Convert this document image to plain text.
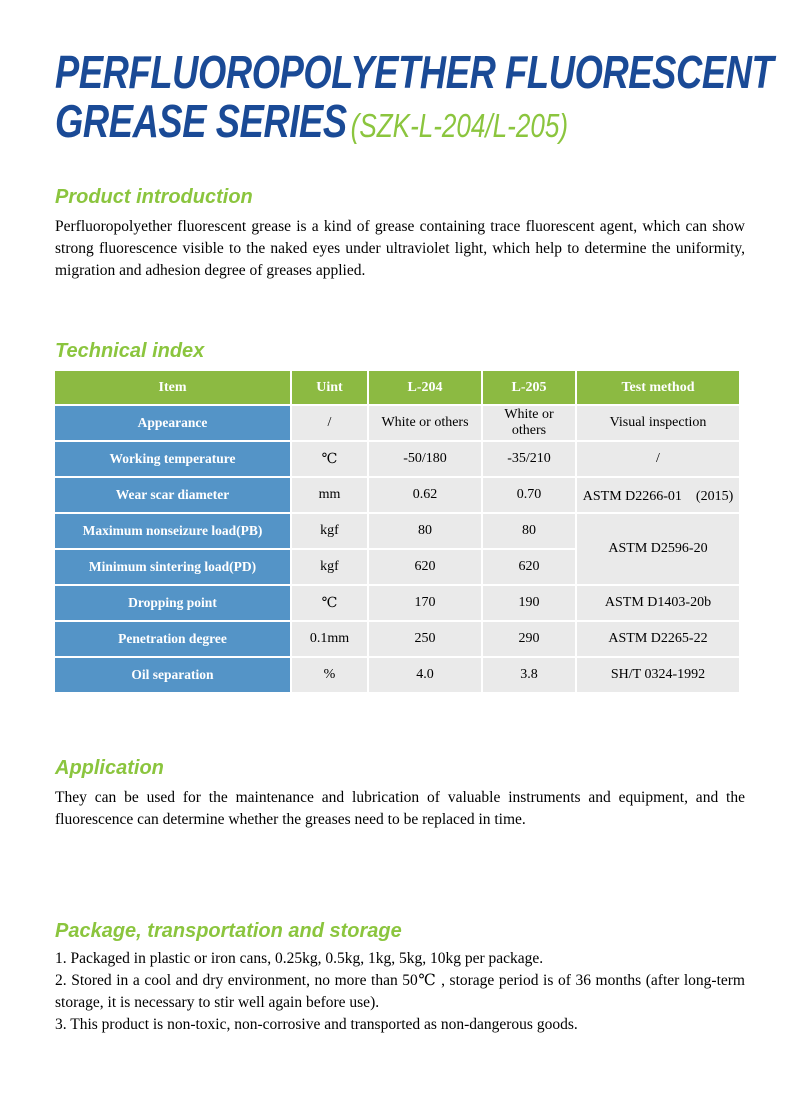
PERFLUOROPOLYETHER FLUORESCENT
GREASE SERIES (SZK-L-204/L-205)
Product introduction

Perfluoropolyether fluorescent grease is a kind of grease containing trace fluorescent agent, which can show strong fluorescence visible to the naked eyes under ultraviolet light, which help to determine the uniformity, migration and adhesion degree of greases applied.

Technical index
Item	Uint	L-204	L-205	Test method
Appearance	/	White or others	White or others	Visual inspection
Working temperature	℃	-50/180	-35/210	/
Wear scar diameter	mm	0.62	0.70	ASTM D2266-01　(2015)
Maximum nonseizure load(PB)	kgf	80	80	ASTM D2596-20
Minimum sintering load(PD)	kgf	620	620	
Dropping point	℃	170	190	ASTM D1403-20b
Penetration degree	0.1mm	250	290	ASTM D2265-22
Oil separation	%	4.0	3.8	SH/T 0324-1992
Application

They can be used for the maintenance and lubrication of valuable instruments and equipment, and the fluorescence can determine whether the greases need to be replaced in time.

Package, transportation and storage

1. Packaged in plastic or iron cans, 0.25kg, 0.5kg, 1kg, 5kg, 10kg per package.

2. Stored in a cool and dry environment, no more than 50℃ , storage period is of 36 months (after long-term storage, it is necessary to stir well again before use).

3. This product is non-toxic, non-corrosive and transported as non-dangerous goods.
